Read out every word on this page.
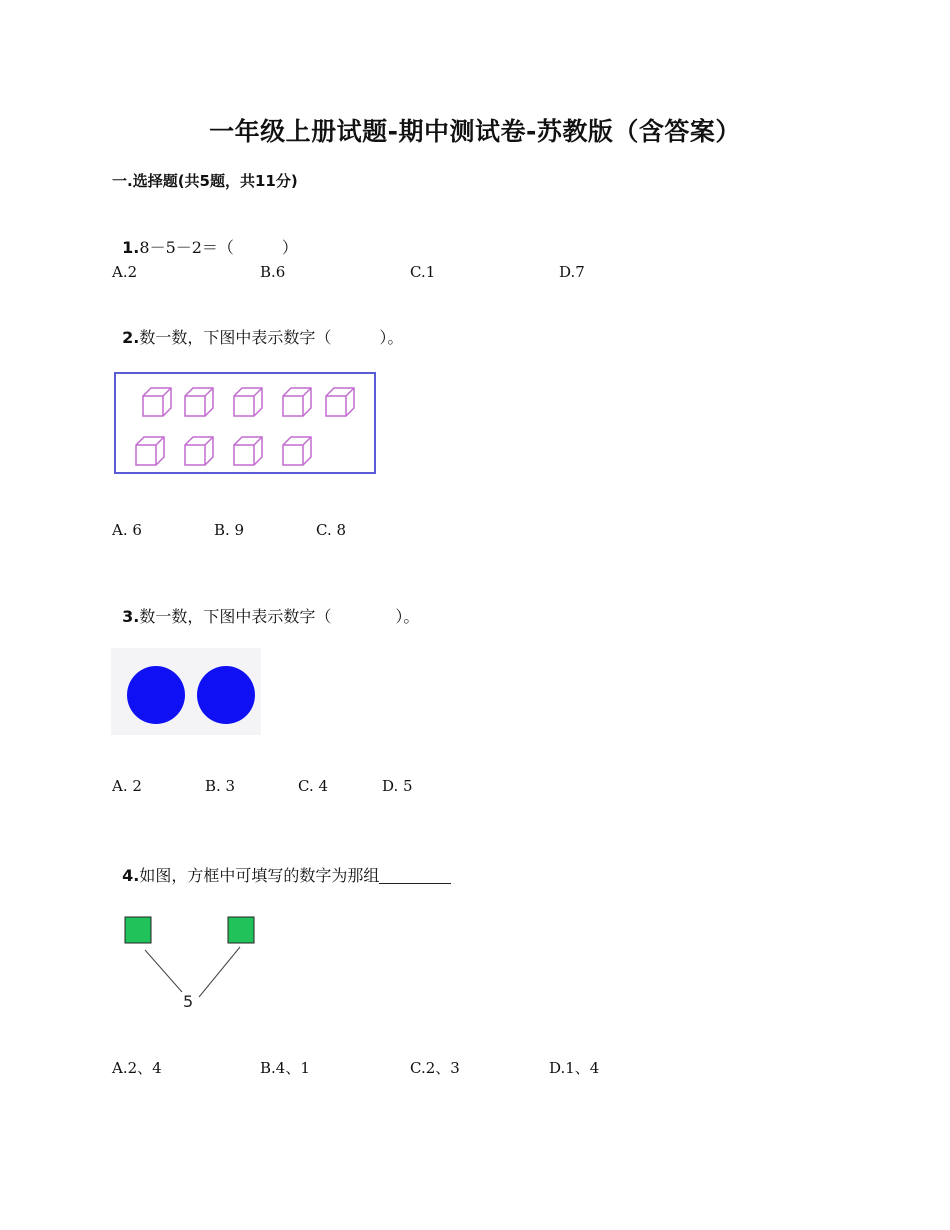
一年级上册试题-期中测试卷-苏教版（含答案）
一.选择题(共5题，共11分)

1.8－5－2＝（　　　）

A.2	B.6	C.1	D.7

2.数一数，下图中表示数字（　　　）。

A. 6	B. 9	C. 8

3.数一数，下图中表示数字（　　　　）。

A. 2	B. 3	C. 4	D. 5

4.如图，方框中可填写的数字为那组

5
A.2、4	B.4、1	C.2、3	D.1、4
